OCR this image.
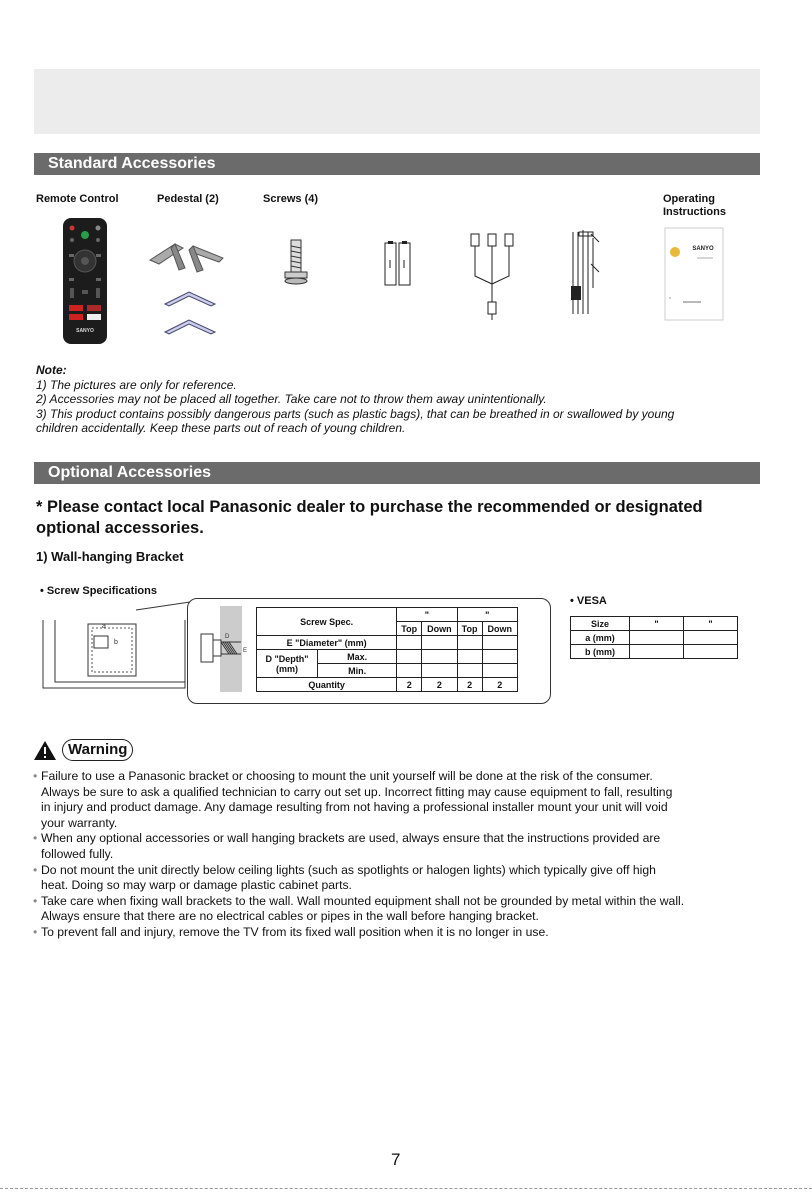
Standard Accessories
Remote Control	Pedestal (2)	Screws (4)	Operating
Instructions
SANYO
SANYO
Note:
1) The pictures are only for reference.
2) Accessories may not be placed all together. Take care not to throw them away unintentionally.
3) This product contains possibly dangerous parts (such as plastic bags), that can be breathed in or swallowed by young
children accidentally. Keep these parts out of reach of young children.
Optional Accessories
* Please contact local Panasonic dealer to purchase the recommended or designated
optional accessories.
1) Wall-hanging Bracket
• Screw Specifications
• VESA
a
b
D
E
Screw Spec.		"		"	
		Top	Down	Top	Down
E "Diameter" (mm)					

D "Depth"
(mm)	Max.				
	Min.				
Quantity		2	2	2	2
Size	"	"
a (mm)		
b (mm)		
Warning
• Failure to use a Panasonic bracket or choosing to mount the unit yourself will be done at the risk of the consumer.
Always be sure to ask a qualified technician to carry out set up. Incorrect fitting may cause equipment to fall, resulting
in injury and product damage. Any damage resulting from not having a professional installer mount your unit will void
your warranty.
• When any optional accessories or wall hanging brackets are used, always ensure that the instructions provided are
followed fully.
• Do not mount the unit directly below ceiling lights (such as spotlights or halogen lights) which typically give off high
heat. Doing so may warp or damage plastic cabinet parts.
• Take care when fixing wall brackets to the wall. Wall mounted equipment shall not be grounded by metal within the wall.
Always ensure that there are no electrical cables or pipes in the wall before hanging bracket.
• To prevent fall and injury, remove the TV from its fixed wall position when it is no longer in use.
7
